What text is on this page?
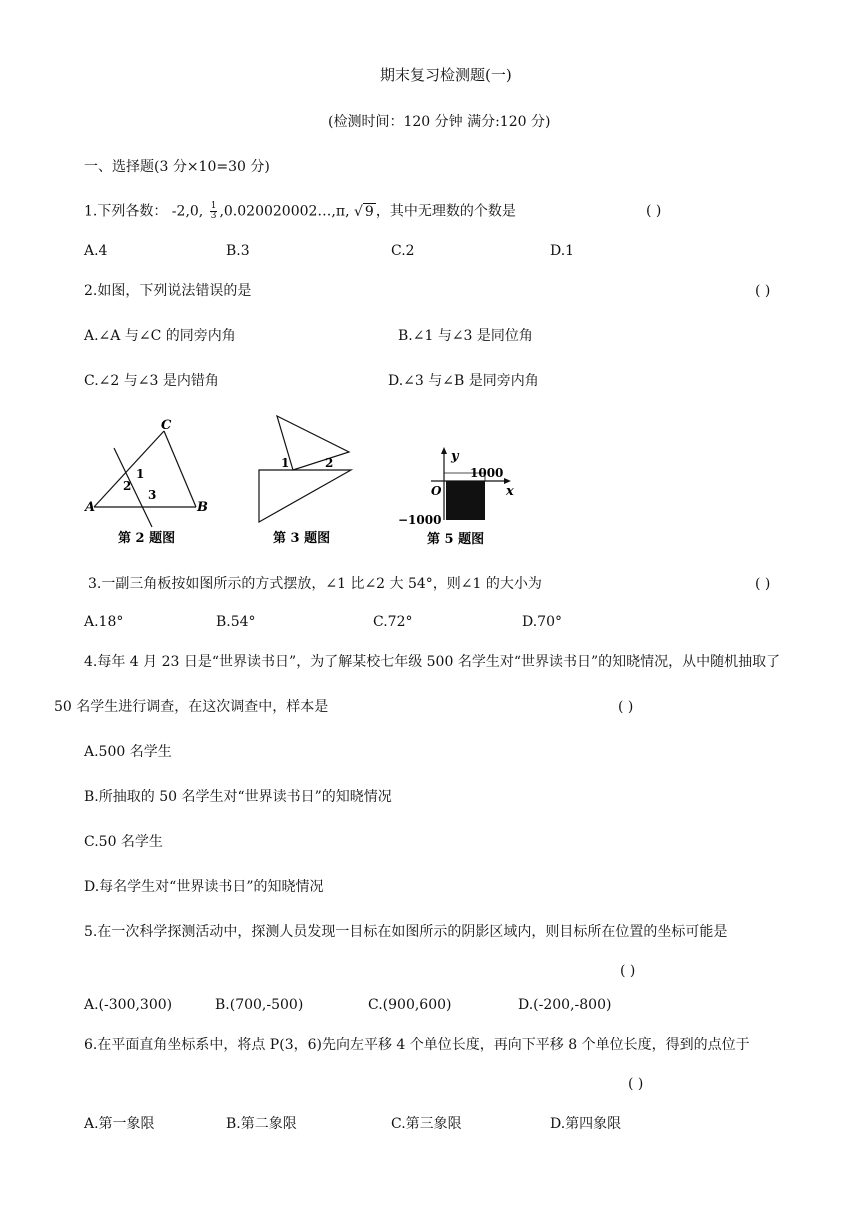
期末复习检测题(一)
(检测时间：120 分钟 满分:120 分)
一、选择题(3 分×10=30 分)
1.下列各数： -2,0, $\frac{1}{3}$ ,0.020020002…,π, √ 9 ，其中无理数的个数是	( )
A.4	B.3	C.2	D.1
2.如图，下列说法错误的是	( )
A.∠A 与∠C 的同旁内角	B.∠1 与∠3 是同位角
C.∠2 与∠3 是内错角	D.∠3 与∠B 是同旁内角
A	B
C
1
2
3
第 2 题图
1	2
第 3 题图
y
x
O
1000
−1000
第 5 题图
3.一副三角板按如图所示的方式摆放，∠1 比∠2 大 54°，则∠1 的大小为	( )
A.18°	B.54°	C.72°	D.70°
4.每年 4 月 23 日是“世界读书日”，为了解某校七年级 500 名学生对“世界读书日”的知晓情况，从中随机抽取了
50 名学生进行调查，在这次调查中，样本是	( )
A.500 名学生
B.所抽取的 50 名学生对“世界读书日”的知晓情况
C.50 名学生
D.每名学生对“世界读书日”的知晓情况
5.在一次科学探测活动中，探测人员发现一目标在如图所示的阴影区域内，则目标所在位置的坐标可能是
( )
A.(-300,300)	B.(700,-500)	C.(900,600)	D.(-200,-800)
6.在平面直角坐标系中，将点 P(3，6)先向左平移 4 个单位长度，再向下平移 8 个单位长度，得到的点位于
( )
A.第一象限	B.第二象限	C.第三象限	D.第四象限
